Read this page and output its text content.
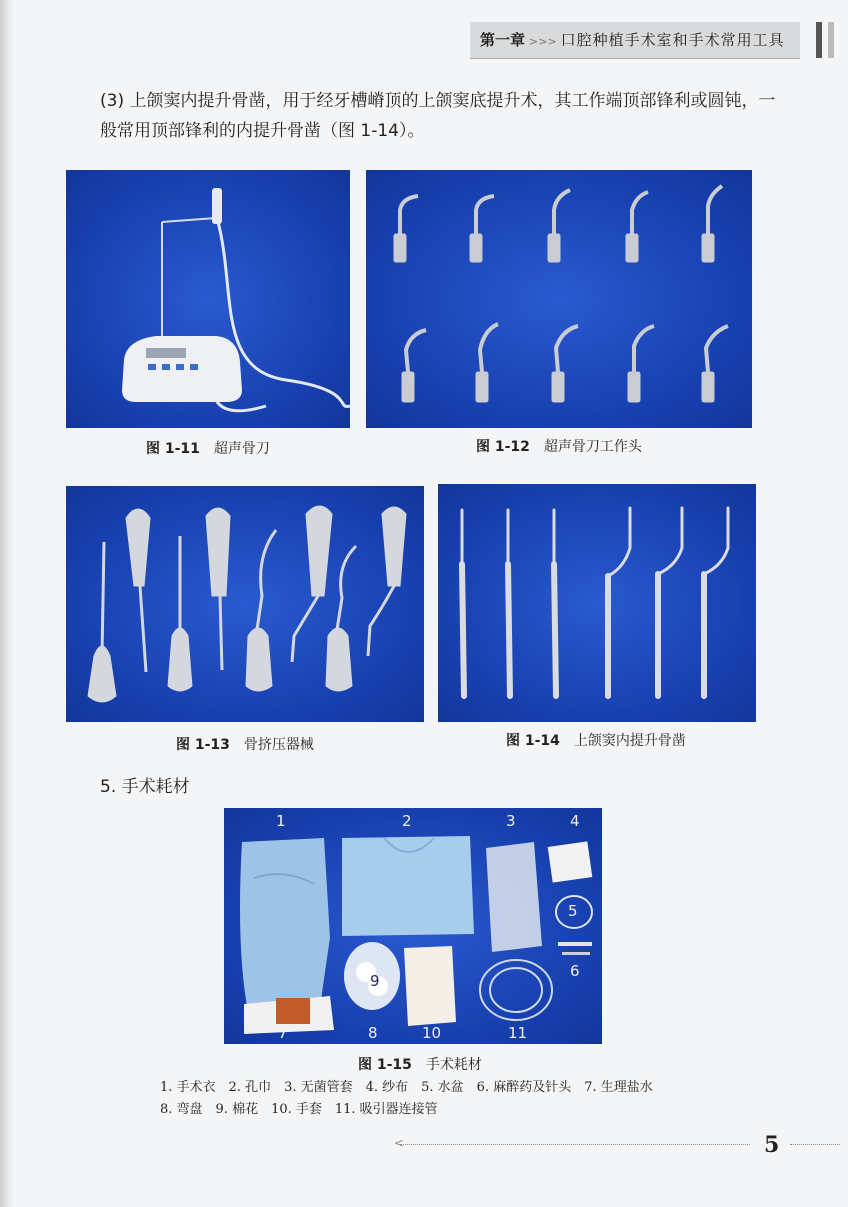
第一章 >>> 口腔种植手术室和手术常用工具
(3) 上颌窦内提升骨凿，用于经牙槽嵴顶的上颌窦底提升术，其工作端顶部锋利或圆钝，一般常用顶部锋利的内提升骨凿（图 1-14）。
图 1-11 超声骨刀	图 1-12 超声骨刀工作头
图 1-13 骨挤压器械	图 1-14 上颌窦内提升骨凿
5. 手术耗材
1	2	3	4
5
6
7
9
8	10	11
图 1-15 手术耗材
1. 手术衣　2. 孔巾　3. 无菌管套　4. 纱布　5. 水盆　6. 麻醉药及针头　7. 生理盐水
8. 弯盘　9. 棉花　10. 手套　11. 吸引器连接管
<	5
